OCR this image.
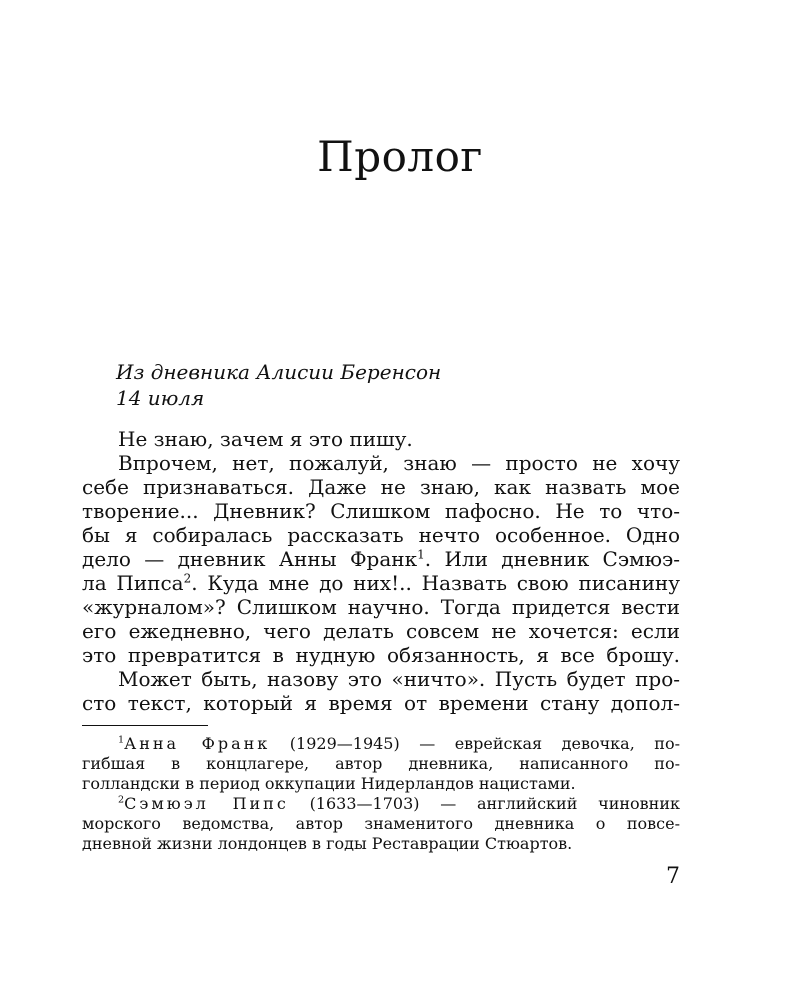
Пролог
Из дневника Алисии Беренсон
14 июля
Не знаю, зачем я это пишу.
Впрочем, нет, пожалуй, знаю — просто не хочу
себе признаваться. Даже не знаю, как назвать мое
творение... Дневник? Слишком пафосно. Не то что-
бы я собиралась рассказать нечто особенное. Одно
дело — дневник Анны Франк$^1$. Или дневник Сэмюэ-
ла Пипса$^2$. Куда мне до них!.. Назвать свою писанину
«журналом»? Слишком научно. Тогда придется вести
его ежедневно, чего делать совсем не хочется: если
это превратится в нудную обязанность, я все брошу.
Может быть, назову это «ничто». Пусть будет про-
сто текст, который я время от времени стану допол-
$^1$Анна Франк (1929—1945) — еврейская девочка, по-
гибшая в концлагере, автор дневника, написанного по-
голландски в период оккупации Нидерландов нацистами.
$^2$Сэмюэл Пипс (1633—1703) — английский чиновник
морского ведомства, автор знаменитого дневника о повсе-
дневной жизни лондонцев в годы Реставрации Стюартов.
7
